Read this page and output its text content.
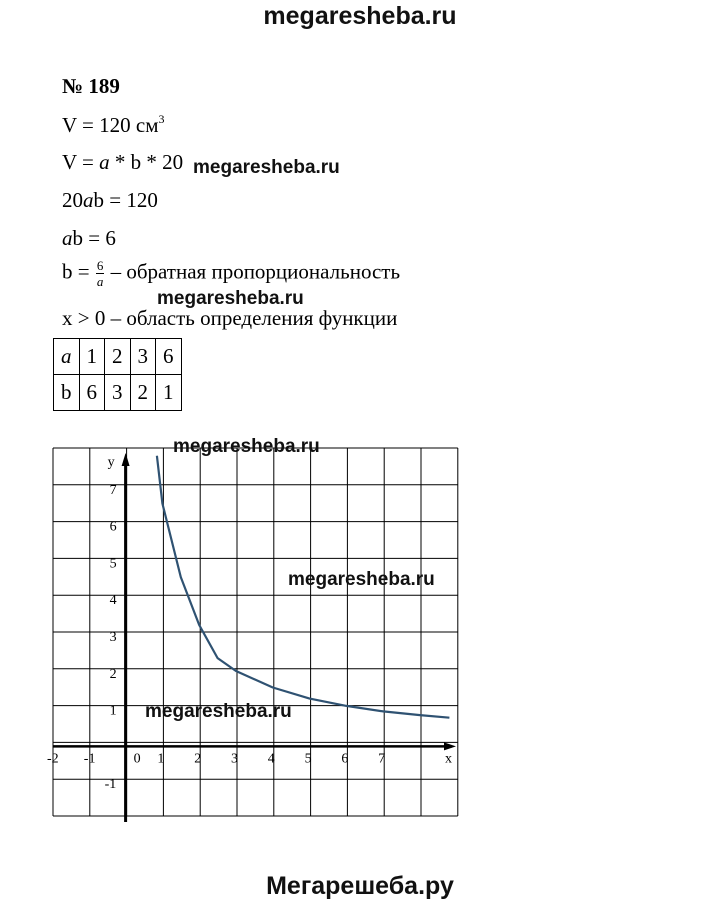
megaresheba.ru
№ 189
V = 120 $см^3$
V = a * b * 20
20ab = 120
ab = 6
$b = \frac{6}{a}$ – обратная пропорциональность
x > 0 – область определения функции
a	1	2	3	6
b	6	3	2	1
x
y
-2 -1	0 1 2 3 4 5 6 7
-1
1
2
3
4
5
6
7
megaresheba.ru
megaresheba.ru
megaresheba.ru
megaresheba.ru
megaresheba.ru
Мегарешеба.ру
